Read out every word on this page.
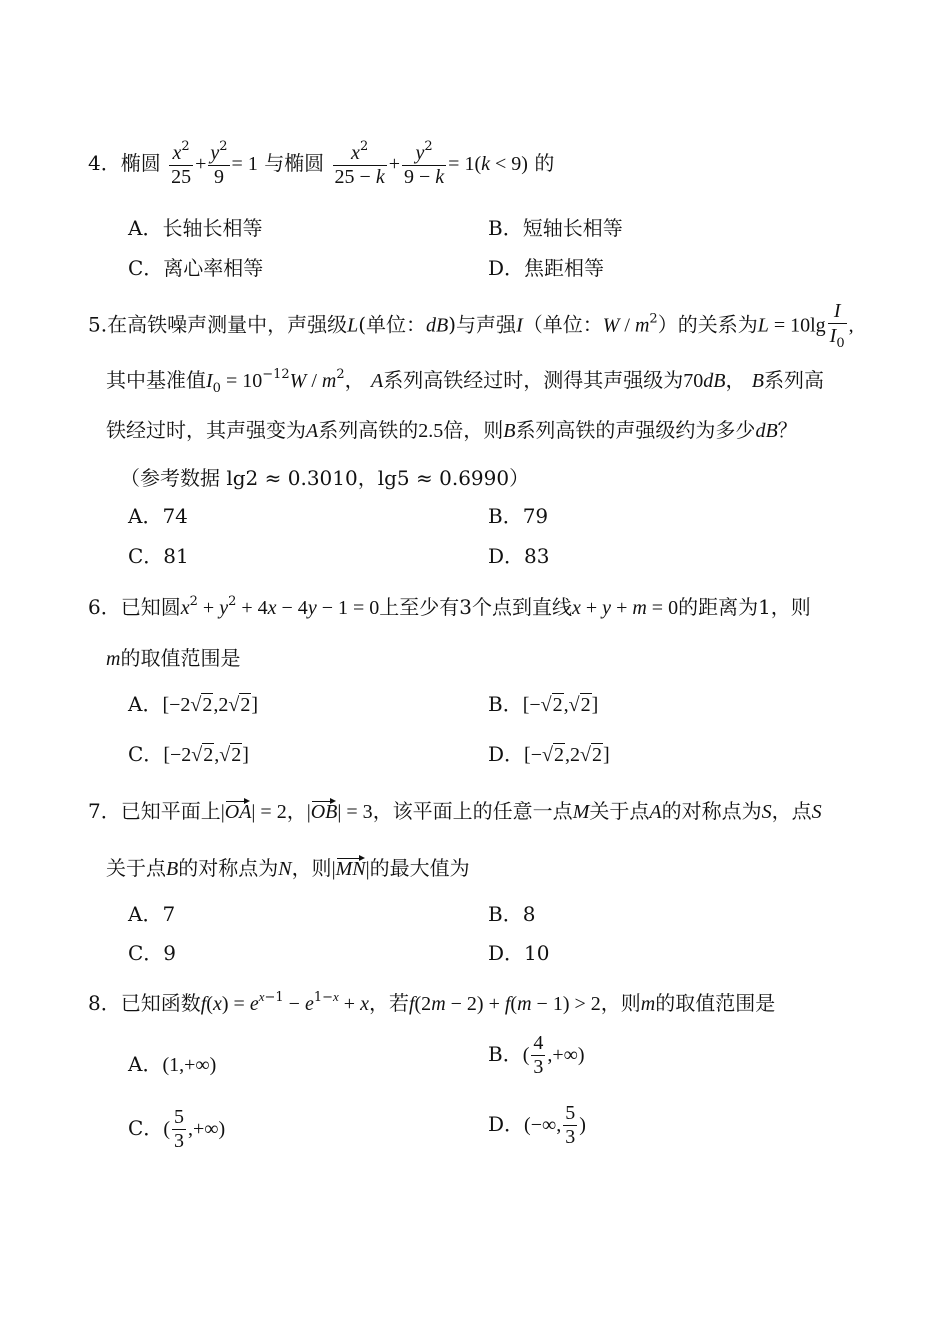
4．椭圆 $\frac{x^2}{25} + \frac{y^2}{9} = 1$ 与椭圆 $\frac{x^2}{25 - k} + \frac{y^2}{9 - k} = 1(k < 9)$ 的
A．长轴长相等	B．短轴长相等
C．离心率相等	D．焦距相等
5.在高铁噪声测量中，声强级L(单位：dB)与声强I（单位：W / $m^2$）的关系为$L = 10\lg \frac{I}{I_0}$ ,
其中基准值$I_0 = 10^{-12}W / m^2$， A系列高铁经过时，测得其声强级为70dB， B系列高
铁经过时，其声强变为A系列高铁的2.5倍，则B系列高铁的声强级约为多少dB？
（参考数据 lg2 ≈ 0.3010，lg5 ≈ 0.6990）
A．74	B．79
C．81	D．83
6．已知圆$x^2 + y^2 + 4x - 4y - 1 = 0$上至少有3个点到直线x + y + m = 0的距离为1，则
m的取值范围是
A．[−2√2,2√2]	B．[−√2,√2]
C．[−2√2,√2]	D．[−√2,2√2]
7．已知平面上|OA| = 2，|OB| = 3，该平面上的任意一点M关于点A的对称点为S，点S
关于点B的对称点为N，则|MN|的最大值为
A．7	B．8
C．9	D．10
8．已知函数$f(x) = e^{x-1} - e^{1-x} + x$，若f(2m − 2) + f(m − 1) > 2，则m的取值范围是
A．(1,+∞)	B．( $\frac{4}{3}$ ,+∞)
C．( $\frac{5}{3}$ ,+∞)	D．(−∞, $\frac{5}{3}$ )
